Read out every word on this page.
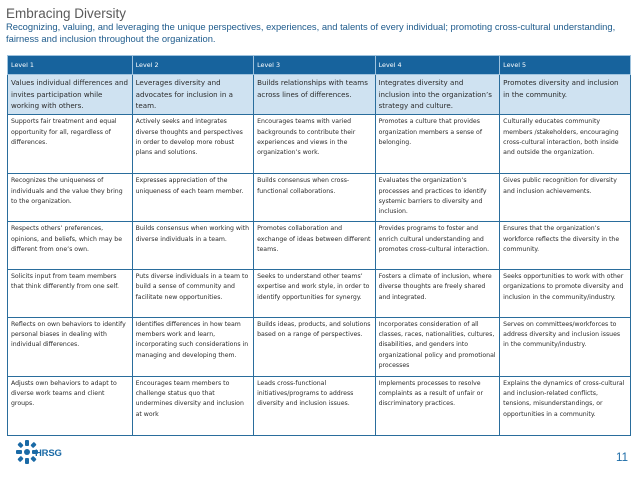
Embracing Diversity
Recognizing, valuing, and leveraging the unique perspectives, experiences, and talents of every individual; promoting cross-cultural understanding, fairness and inclusion throughout the organization.
Level 1	Level 2	Level 3	Level 4	Level 5
Values individual differences and invites participation while working with others.	Leverages diversity and advocates for inclusion in a team.	Builds relationships with teams across lines of differences.	Integrates diversity and inclusion into the organization’s strategy and culture.	Promotes diversity and inclusion in the community.
Supports fair treatment and equal opportunity for all, regardless of differences.	Actively seeks and integrates diverse thoughts and perspectives in order to develop more robust plans and solutions.	Encourages teams with varied backgrounds to contribute their experiences and views in the organization’s work.	Promotes a culture that provides organization members a sense of belonging.	Culturally educates community members /stakeholders, encouraging cross-cultural interaction, both inside and outside the organization.
Recognizes the uniqueness of individuals and the value they bring to the organization.	Expresses appreciation of the uniqueness of each team member.	Builds consensus when cross-functional collaborations.	Evaluates the organization’s processes and practices to identify systemic barriers to diversity and inclusion.	Gives public recognition for diversity and inclusion achievements.
Respects others’ preferences, opinions, and beliefs, which may be different from one’s own.	Builds consensus when working with diverse individuals in a team.	Promotes collaboration and exchange of ideas between different teams.	Provides programs to foster and enrich cultural understanding and promotes cross-cultural interaction.	Ensures that the organization’s workforce reflects the diversity in the community.
Solicits input from team members that think differently from one self.	Puts diverse individuals in a team to build a sense of community and facilitate new opportunities.	Seeks to understand other teams’ expertise and work style, in order to identify opportunities for synergy.	Fosters a climate of inclusion, where diverse thoughts are freely shared and integrated.	Seeks opportunities to work with other organizations to promote diversity and inclusion in the community/industry.
Reflects on own behaviors to identify personal biases in dealing with individual differences.	Identifies differences in how team members work and learn, incorporating such considerations in managing and developing them.	Builds ideas, products, and solutions based on a range of perspectives.	Incorporates consideration of all classes, races, nationalities, cultures, disabilities, and genders into organizational policy and promotional processes	Serves on committees/workforces to address diversity and inclusion issues in the community/industry.
Adjusts own behaviors to adapt to diverse work teams and client groups.	Encourages team members to challenge status quo that undermines diversity and inclusion at work	Leads cross-functional initiatives/programs to address diversity and inclusion issues.	Implements processes to resolve complaints as a result of unfair or discriminatory practices.	Explains the dynamics of cross-cultural and inclusion-related conflicts, tensions, misunderstandings, or opportunities in a community.
HRSG	11
